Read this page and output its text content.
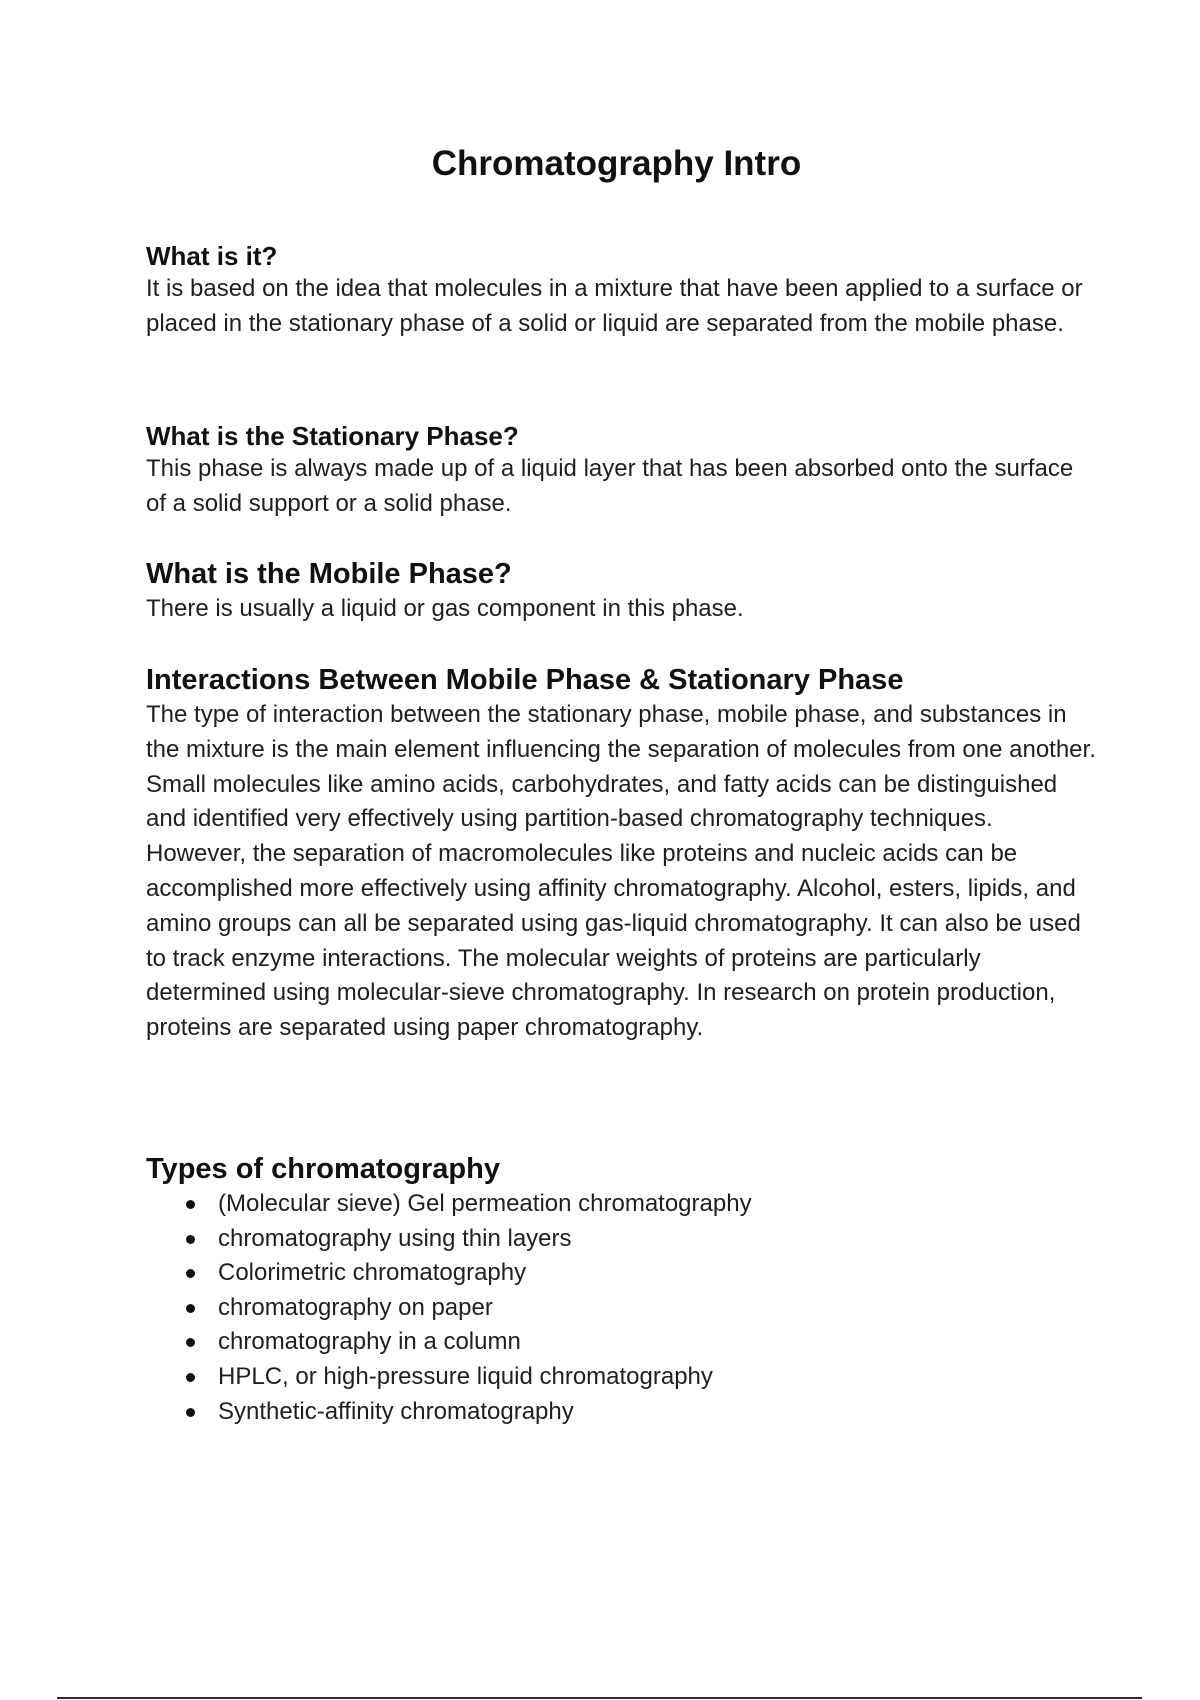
Chromatography Intro
What is it?

It is based on the idea that molecules in a mixture that have been applied to a surface or placed in the stationary phase of a solid or liquid are separated from the mobile phase.

What is the Stationary Phase?

This phase is always made up of a liquid layer that has been absorbed onto the surface of a solid support or a solid phase.

What is the Mobile Phase?

There is usually a liquid or gas component in this phase.

Interactions Between Mobile Phase & Stationary Phase

The type of interaction between the stationary phase, mobile phase, and substances in the mixture is the main element influencing the separation of molecules from one another. Small molecules like amino acids, carbohydrates, and fatty acids can be distinguished and identified very effectively using partition-based chromatography techniques. However, the separation of macromolecules like proteins and nucleic acids can be accomplished more effectively using affinity chromatography. Alcohol, esters, lipids, and amino groups can all be separated using gas-liquid chromatography. It can also be used to track enzyme interactions. The molecular weights of proteins are particularly determined using molecular-sieve chromatography. In research on protein production, proteins are separated using paper chromatography.

Types of chromatography
(Molecular sieve) Gel permeation chromatography
chromatography using thin layers
Colorimetric chromatography
chromatography on paper
chromatography in a column
HPLC, or high-pressure liquid chromatography
Synthetic-affinity chromatography
